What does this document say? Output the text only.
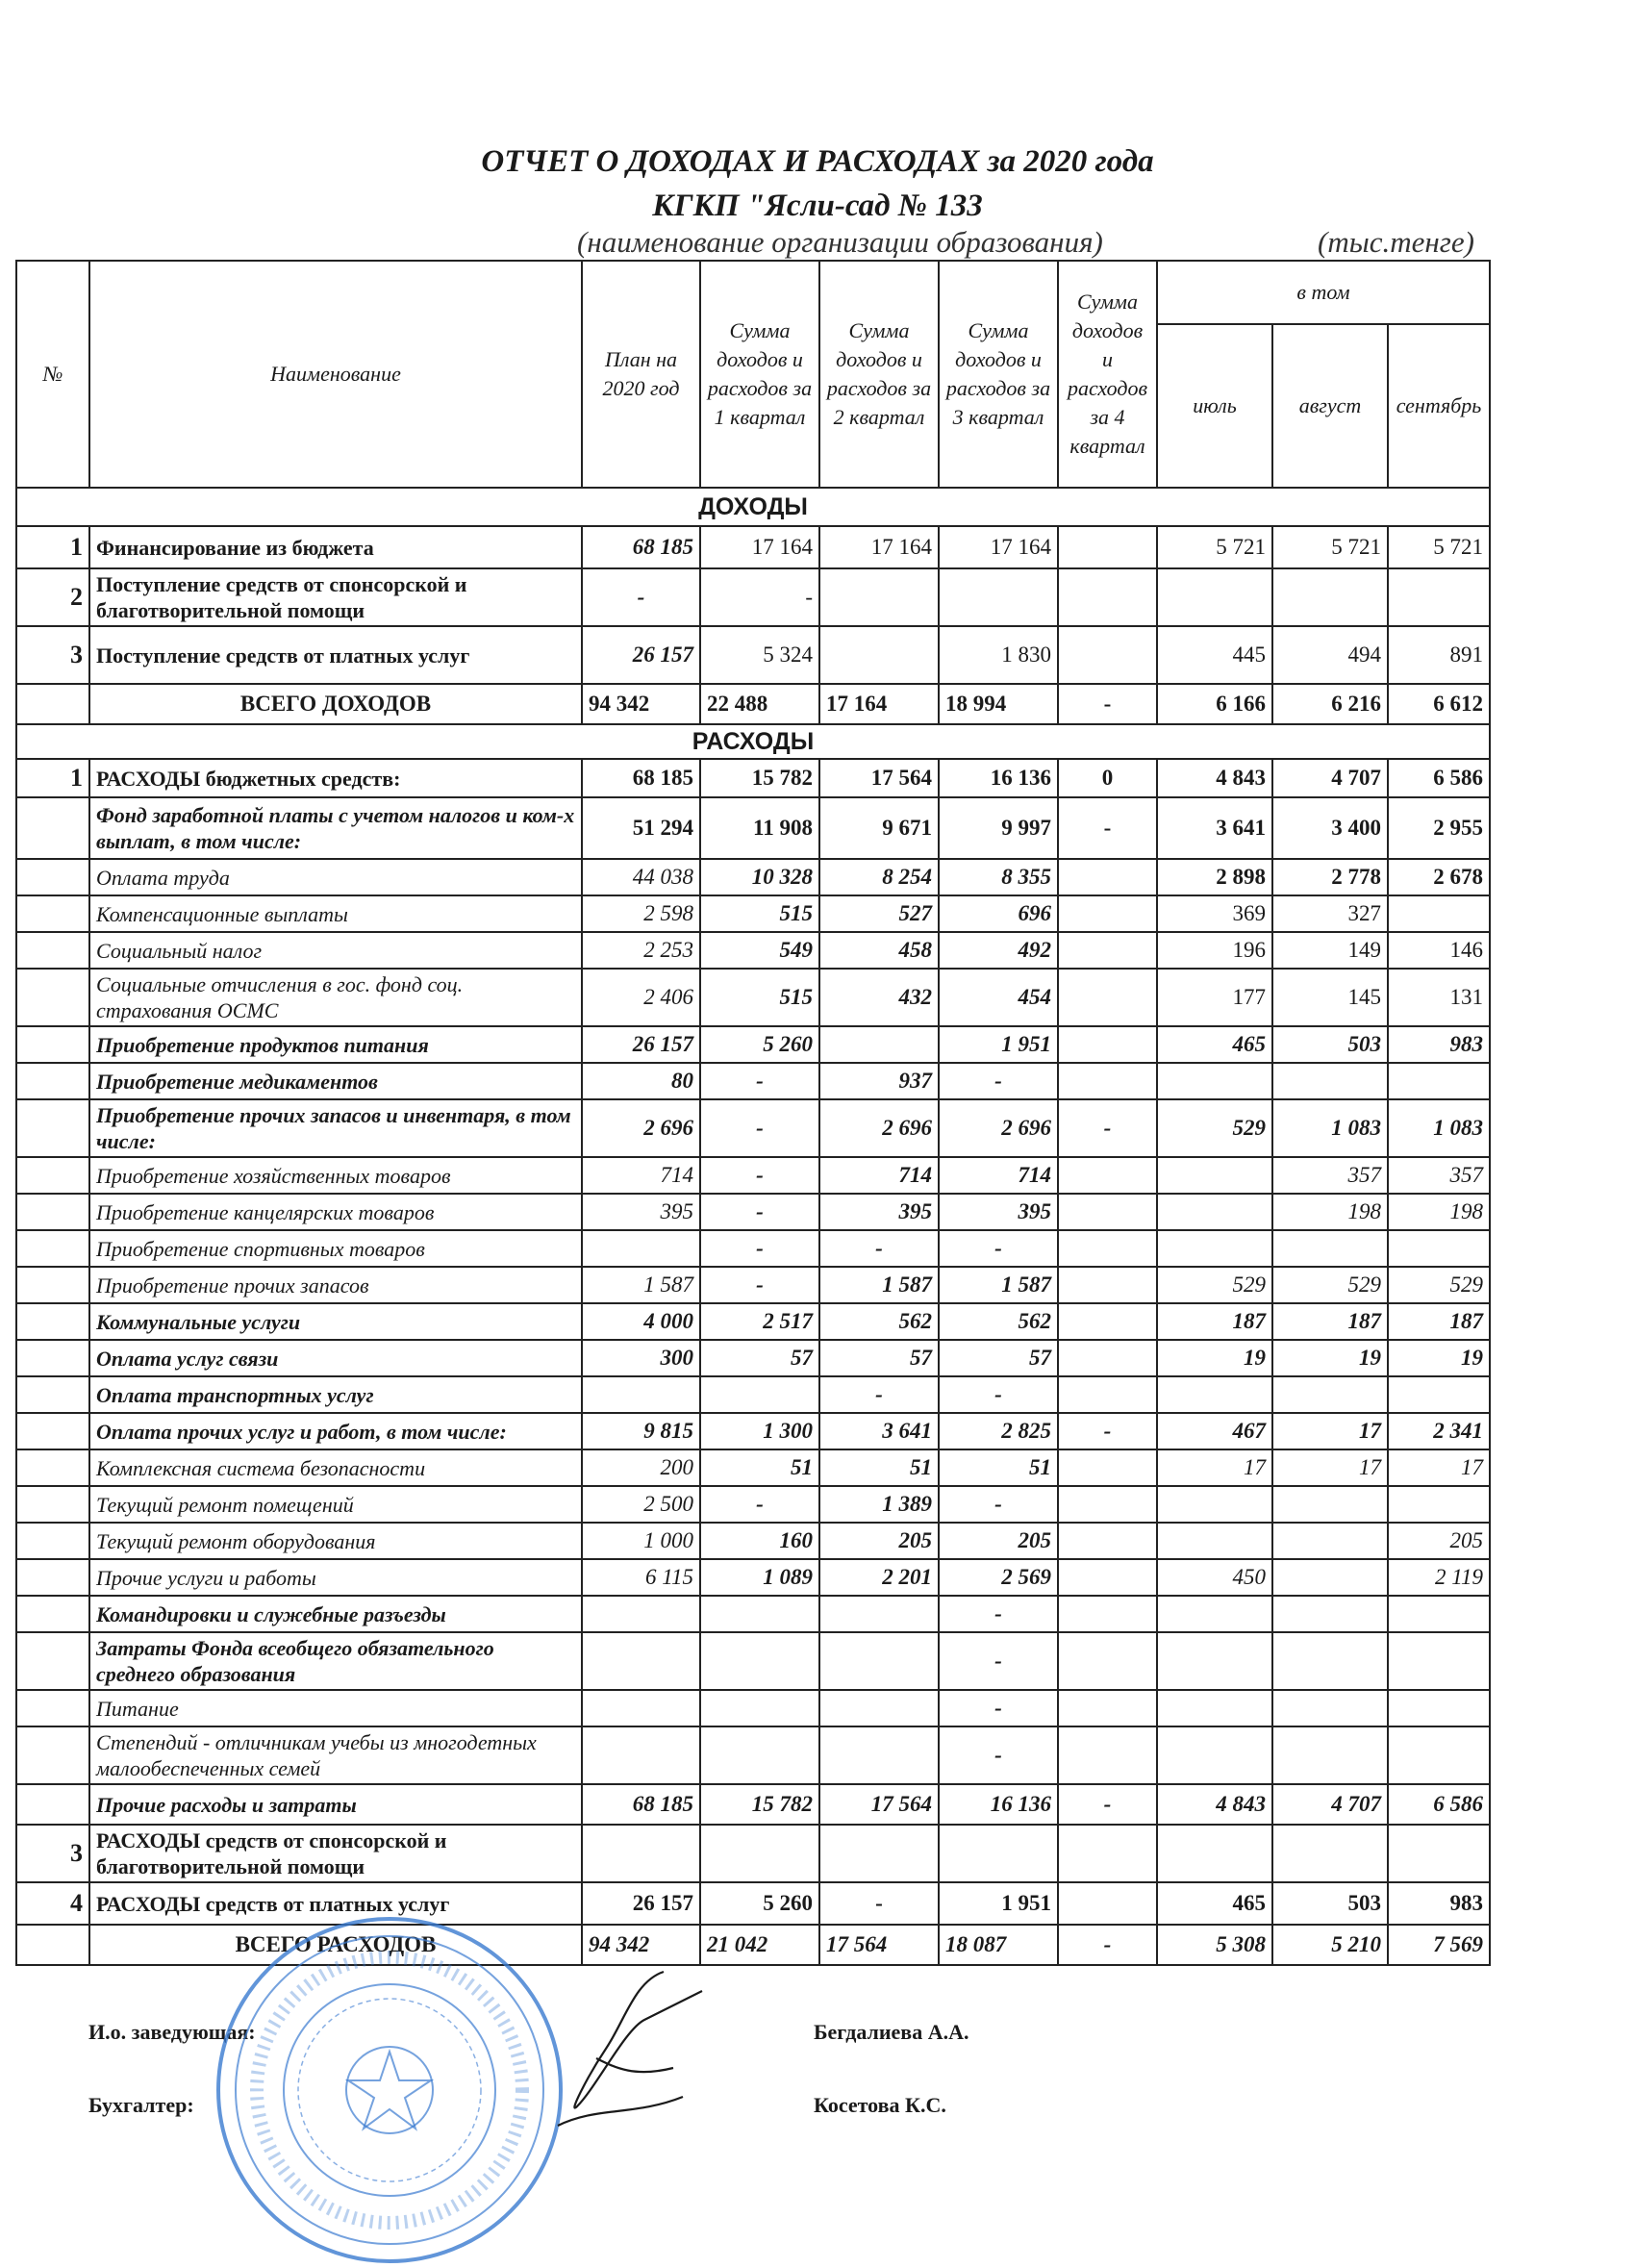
ОТЧЕТ О ДОХОДАХ И РАСХОДАХ за 2020 года
КГКП "Ясли-сад № 133
(наименование организации образования)	(тыс.тенге)
№	Наименование	План на 2020 год	Сумма доходов и расходов за 1 квартал	Сумма доходов и расходов за 2 квартал	Сумма доходов и расходов за 3 квартал	Сумма доходов и расходов за 4 квартал	в том		
							июль	август	сентябрь
ДОХОДЫ									
1	Финансирование из бюджета	68 185	17 164	17 164	17 164		5 721	5 721	5 721
2	Поступление средств от спонсорской и благотворительной помощи	-	-						
3	Поступление средств от платных услуг	26 157	5 324		1 830		445	494	891
	ВСЕГО ДОХОДОВ	94 342	22 488	17 164	18 994	-	6 166	6 216	6 612
РАСХОДЫ									
1	РАСХОДЫ бюджетных средств:	68 185	15 782	17 564	16 136	0	4 843	4 707	6 586
	Фонд заработной платы с учетом налогов и ком-х выплат, в том числе:	51 294	11 908	9 671	9 997	-	3 641	3 400	2 955
	Оплата труда	44 038	10 328	8 254	8 355		2 898	2 778	2 678
	Компенсационные выплаты	2 598	515	527	696		369	327	
	Социальный налог	2 253	549	458	492		196	149	146
	Социальные отчисления в гос. фонд соц. страхования ОСМС	2 406	515	432	454		177	145	131
	Приобретение продуктов питания	26 157	5 260		1 951		465	503	983
	Приобретение медикаментов	80	-	937	-				
	Приобретение прочих запасов и инвентаря, в том числе:	2 696	-	2 696	2 696	-	529	1 083	1 083
	Приобретение хозяйственных товаров	714	-	714	714			357	357
	Приобретение канцелярских товаров	395	-	395	395			198	198
	Приобретение спортивных товаров		-	-	-				
	Приобретение прочих запасов	1 587	-	1 587	1 587		529	529	529
	Коммунальные услуги	4 000	2 517	562	562		187	187	187
	Оплата услуг связи	300	57	57	57		19	19	19
	Оплата транспортных услуг			-	-				
	Оплата прочих услуг и работ, в том числе:	9 815	1 300	3 641	2 825	-	467	17	2 341
	Комплексная система безопасности	200	51	51	51		17	17	17
	Текущий ремонт помещений	2 500	-	1 389	-				
	Текущий ремонт оборудования	1 000	160	205	205				205
	Прочие услуги и работы	6 115	1 089	2 201	2 569		450		2 119
	Командировки и служебные разъезды				-				
	Затраты Фонда всеобщего обязательного среднего образования				-				
	Питание				-				
	Степендий - отличникам учебы из многодетных малообеспеченных семей				-				
	Прочие расходы и затраты	68 185	15 782	17 564	16 136	-	4 843	4 707	6 586
3	РАСХОДЫ средств от спонсорской и благотворительной помощи								
4	РАСХОДЫ средств от платных услуг	26 157	5 260	-	1 951		465	503	983
	ВСЕГО РАСХОДОВ	94 342	21 042	17 564	18 087	-	5 308	5 210	7 569
И.о. заведующая:	Бегдалиева А.А.
Бухгалтер:	Косетова К.С.
